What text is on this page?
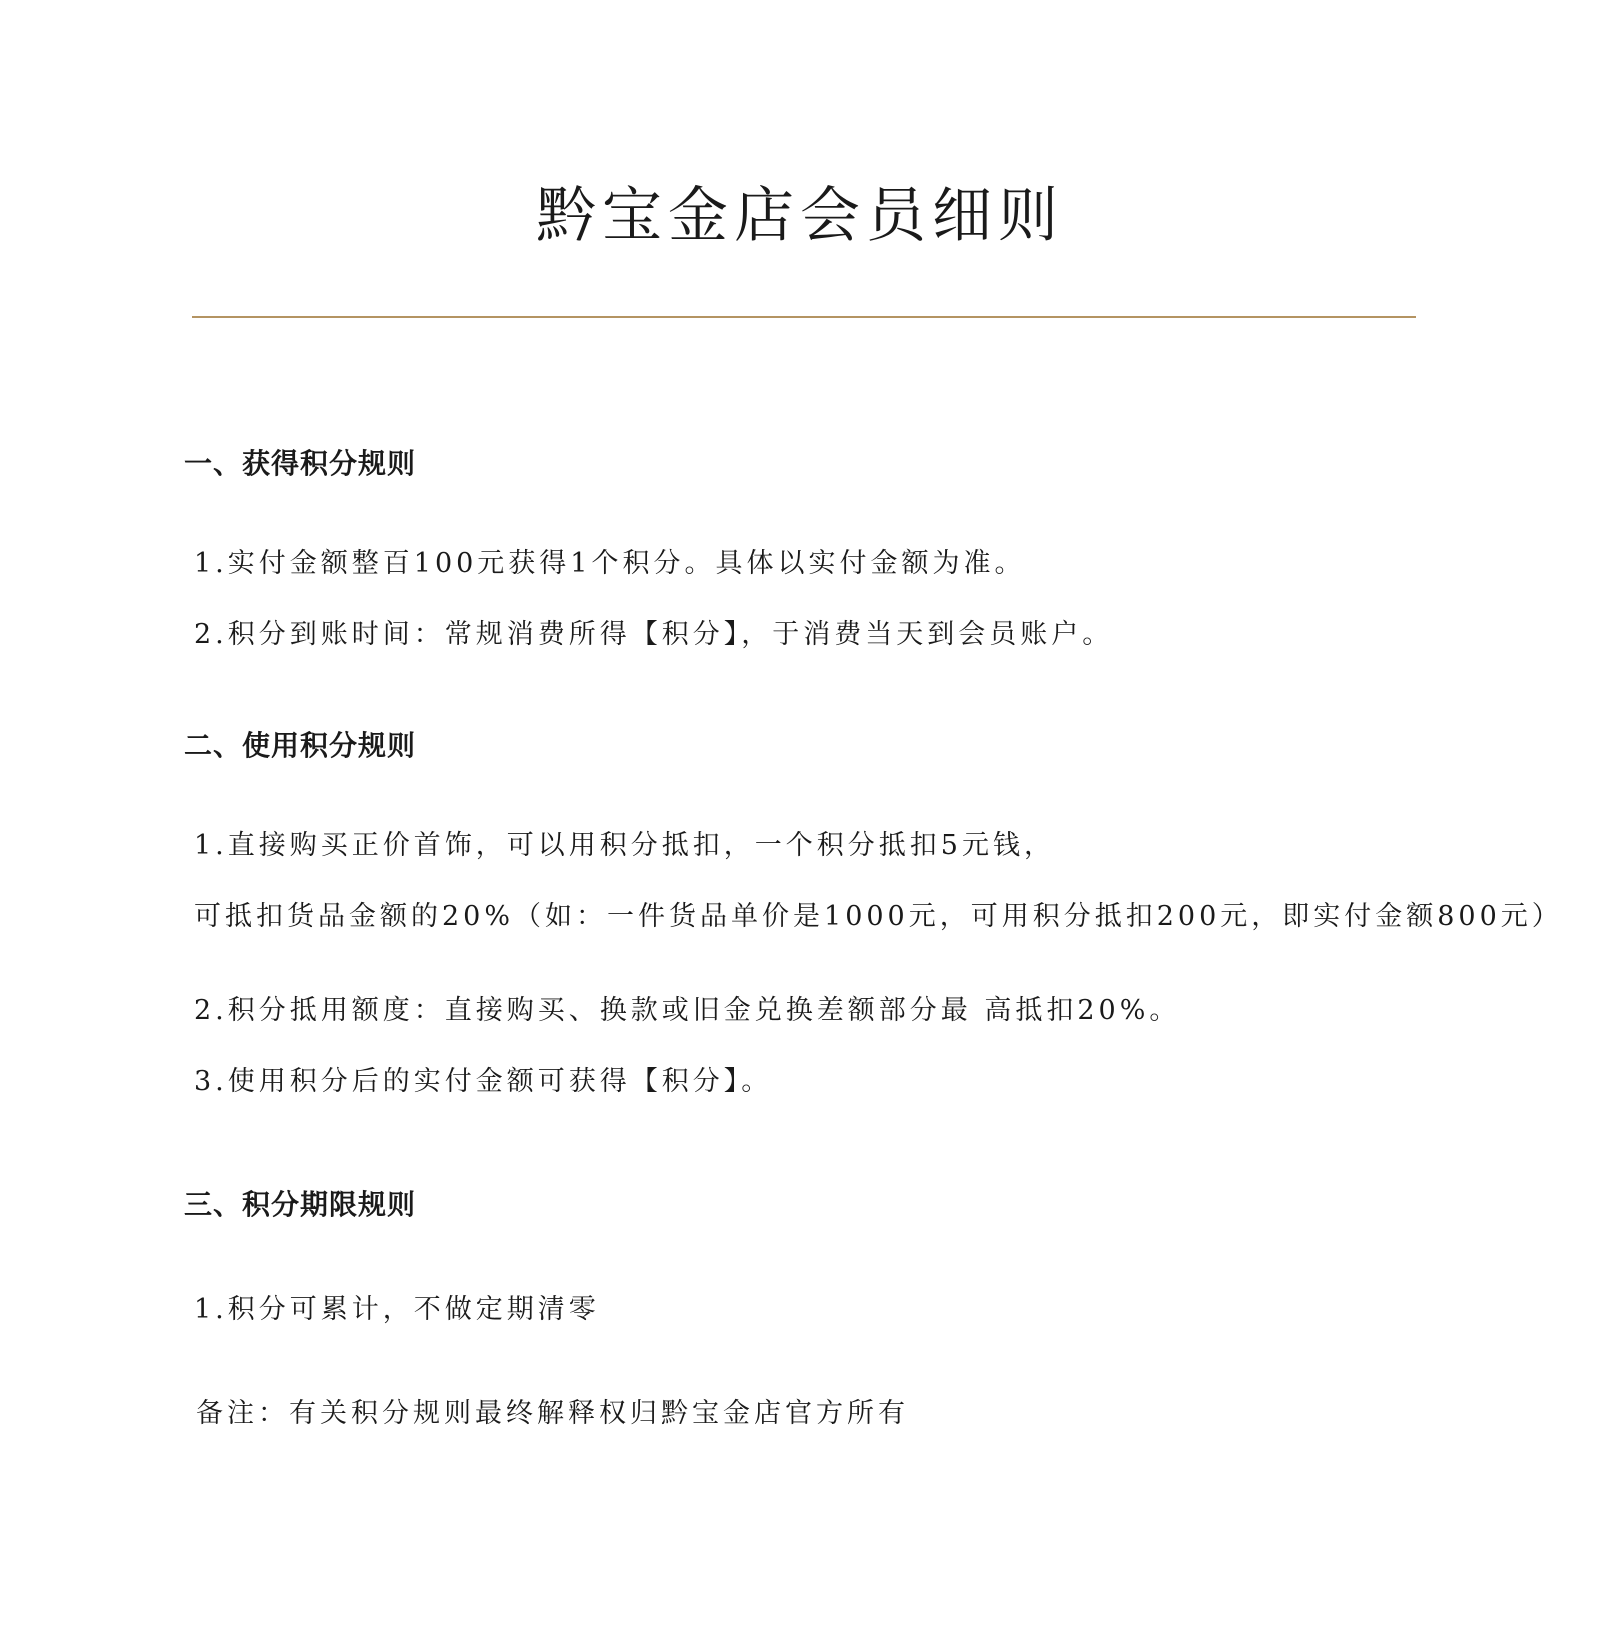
黔宝金店会员细则
一、获得积分规则

1.实付金额整百100元获得1个积分。具体以实付金额为准。

2.积分到账时间：常规消费所得【积分】，于消费当天到会员账户。

二、使用积分规则

1.直接购买正价首饰，可以用积分抵扣，一个积分抵扣5元钱，

可抵扣货品金额的20%（如：一件货品单价是1000元，可用积分抵扣200元，即实付金额800元）

2.积分抵用额度：直接购买、换款或旧金兑换差额部分最 高抵扣20%。

3.使用积分后的实付金额可获得【积分】。

三、积分期限规则

1.积分可累计，不做定期清零

备注：有关积分规则最终解释权归黔宝金店官方所有
